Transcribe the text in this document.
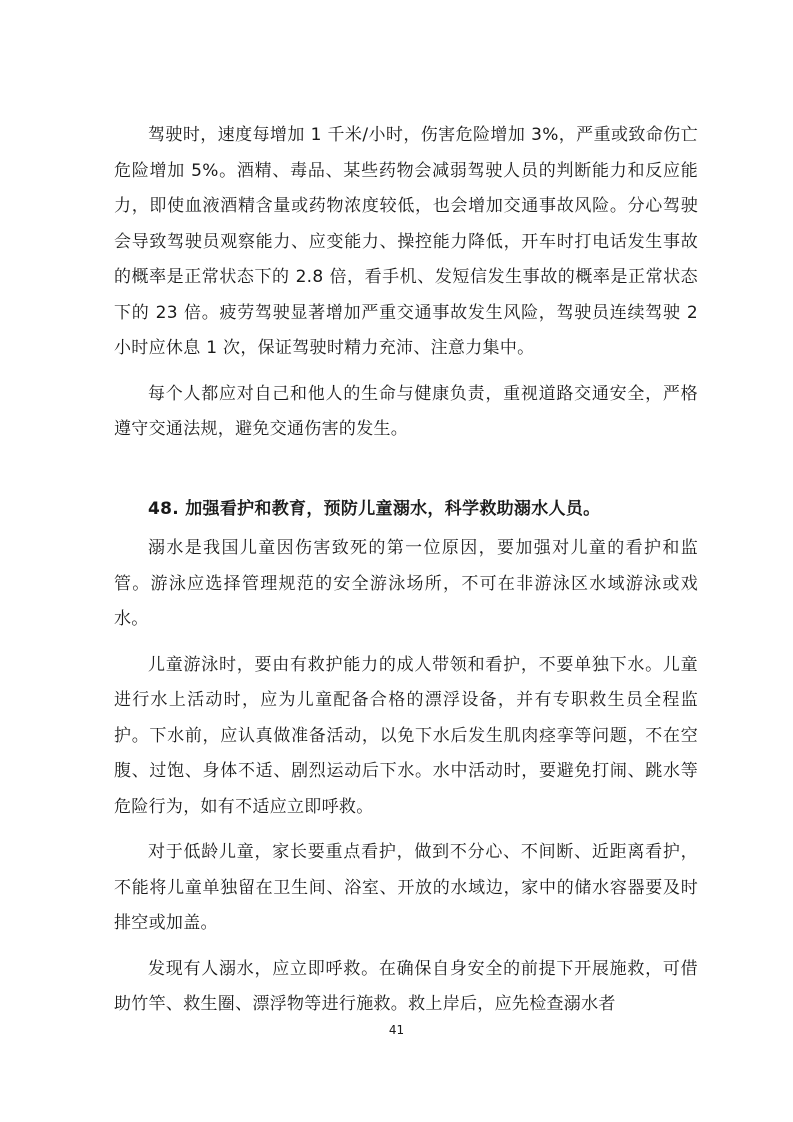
驾驶时，速度每增加 1 千米/小时，伤害危险增加 3%，严重或致命伤亡危险增加 5%。酒精、毒品、某些药物会减弱驾驶人员的判断能力和反应能力，即使血液酒精含量或药物浓度较低，也会增加交通事故风险。分心驾驶会导致驾驶员观察能力、应变能力、操控能力降低，开车时打电话发生事故的概率是正常状态下的 2.8 倍，看手机、发短信发生事故的概率是正常状态下的 23 倍。疲劳驾驶显著增加严重交通事故发生风险，驾驶员连续驾驶 2 小时应休息 1 次，保证驾驶时精力充沛、注意力集中。

每个人都应对自己和他人的生命与健康负责，重视道路交通安全，严格遵守交通法规，避免交通伤害的发生。

48. 加强看护和教育，预防儿童溺水，科学救助溺水人员。

溺水是我国儿童因伤害致死的第一位原因，要加强对儿童的看护和监管。游泳应选择管理规范的安全游泳场所，不可在非游泳区水域游泳或戏水。

儿童游泳时，要由有救护能力的成人带领和看护，不要单独下水。儿童进行水上活动时，应为儿童配备合格的漂浮设备，并有专职救生员全程监护。下水前，应认真做准备活动，以免下水后发生肌肉痉挛等问题，不在空腹、过饱、身体不适、剧烈运动后下水。水中活动时，要避免打闹、跳水等危险行为，如有不适应立即呼救。

对于低龄儿童，家长要重点看护，做到不分心、不间断、近距离看护，不能将儿童单独留在卫生间、浴室、开放的水域边，家中的储水容器要及时排空或加盖。

发现有人溺水，应立即呼救。在确保自身安全的前提下开展施救，可借助竹竿、救生圈、漂浮物等进行施救。救上岸后，应先检查溺水者

41
